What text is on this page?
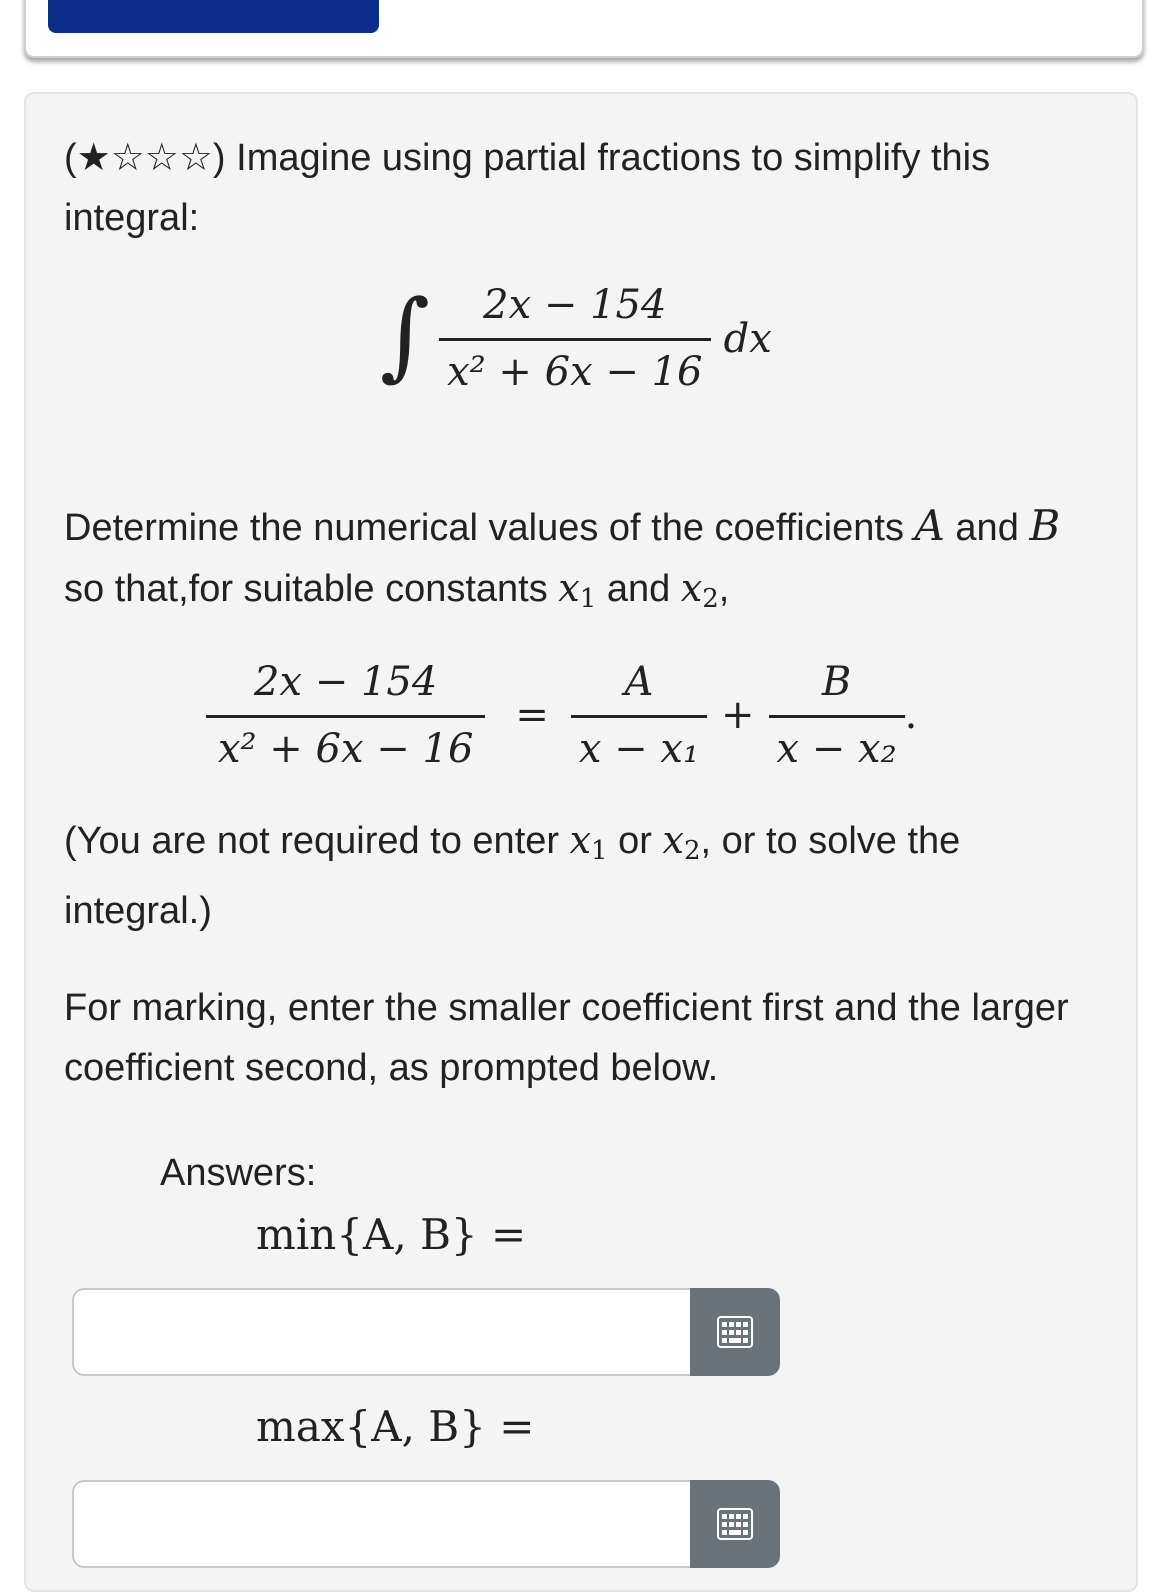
(★☆☆☆) Imagine using partial fractions to simplify this integral:

∫ $\frac{2x - 154}{\text{x² + 6x − 16}}$ dx

Determine the numerical values of the coefficients A and B so that,for suitable constants $x_1$ and $x_2$,

$\frac{2x - 154}{\text{x² + 6x − 16}} = \frac{A}{\text{x − x₁}} + \frac{B}{\text{x − x₂}}$ .

(You are not required to enter $x_1$ or $x_2$, or to solve the integral.)

For marking, enter the smaller coefficient first and the larger coefficient second, as prompted below.

Answers:
min{A, B} =
max{A, B} =
